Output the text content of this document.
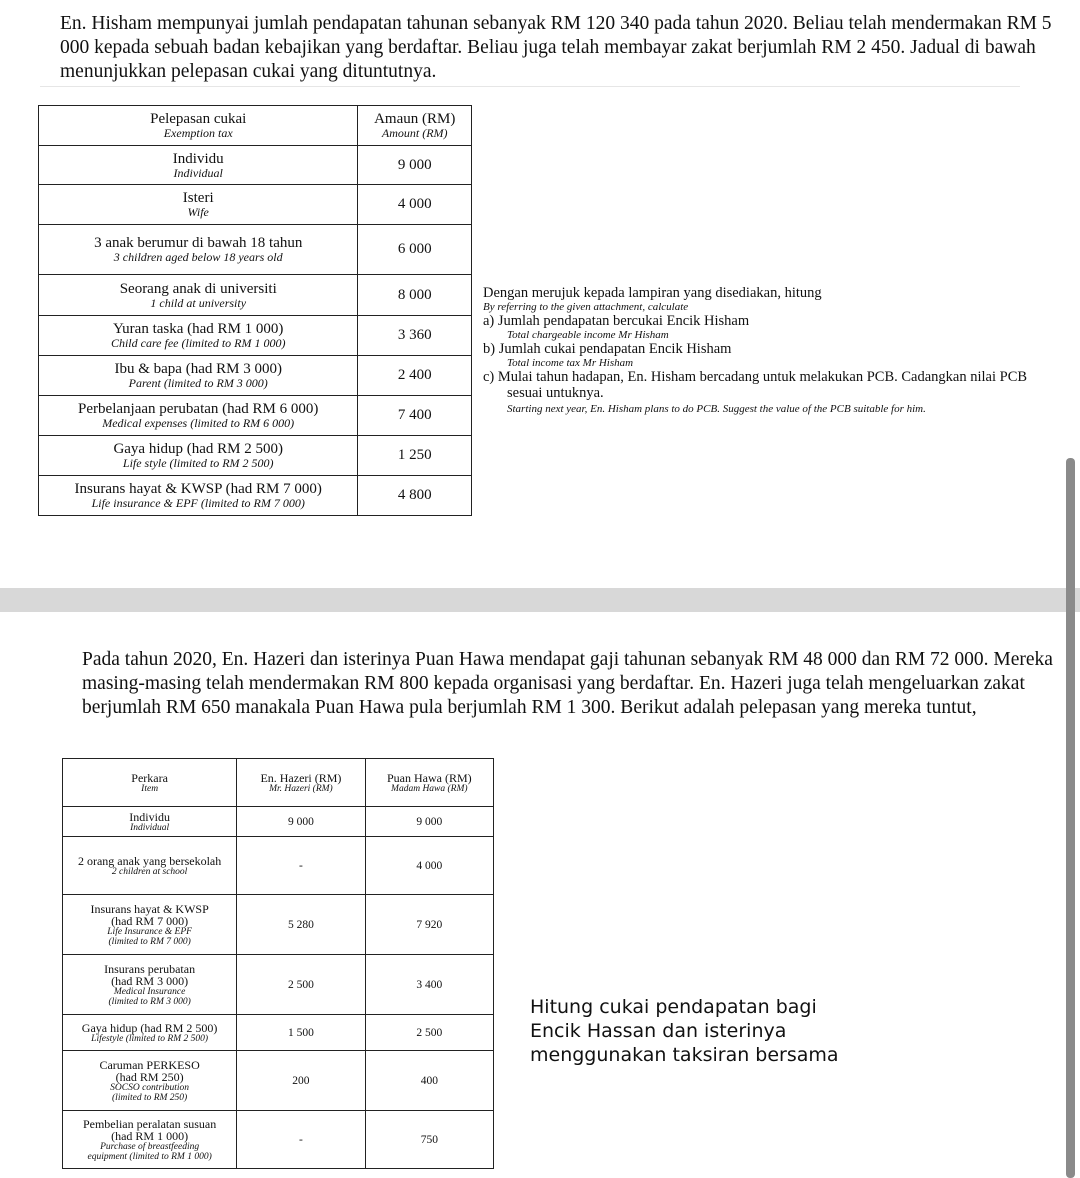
En. Hisham mempunyai jumlah pendapatan tahunan sebanyak RM 120 340 pada tahun 2020. Beliau telah mendermakan RM 5 000 kepada sebuah badan kebajikan yang berdaftar. Beliau juga telah membayar zakat berjumlah RM 2 450. Jadual di bawah menunjukkan pelepasan cukai yang dituntutnya.
Pelepasan cukai
Exemption tax	Amaun (RM)
Amount (RM)

Individu
Individual	9 000

Isteri
Wife	4 000

3 anak berumur di bawah 18 tahun
3 children aged below 18 years old	6 000

Seorang anak di universiti
1 child at university	8 000

Yuran taska (had RM 1 000)
Child care fee (limited to RM 1 000)	3 360

Ibu & bapa (had RM 3 000)
Parent (limited to RM 3 000)	2 400

Perbelanjaan perubatan (had RM 6 000)
Medical expenses (limited to RM 6 000)	7 400

Gaya hidup (had RM 2 500)
Life style (limited to RM 2 500)	1 250

Insurans hayat & KWSP (had RM 7 000)
Life insurance & EPF (limited to RM 7 000)	4 800
Dengan merujuk kepada lampiran yang disediakan, hitung
By referring to the given attachment, calculate
a) Jumlah pendapatan bercukai Encik Hisham
Total chargeable income Mr Hisham
b) Jumlah cukai pendapatan Encik Hisham
Total income tax Mr Hisham
c) Mulai tahun hadapan, En. Hisham bercadang untuk melakukan PCB. Cadangkan nilai PCB
sesuai untuknya.
Starting next year, En. Hisham plans to do PCB. Suggest the value of the PCB suitable for him.
Pada tahun 2020, En. Hazeri dan isterinya Puan Hawa mendapat gaji tahunan sebanyak RM 48 000 dan RM 72 000. Mereka masing-masing telah mendermakan RM 800 kepada organisasi yang berdaftar. En. Hazeri juga telah mengeluarkan zakat berjumlah RM 650 manakala Puan Hawa pula berjumlah RM 1 300. Berikut adalah pelepasan yang mereka tuntut,
Perkara
Item	En. Hazeri (RM)
Mr. Hazeri (RM)	Puan Hawa (RM)
Madam Hawa (RM)

Individu
Individual	9 000	9 000

2 orang anak yang bersekolah
2 children at school	-	4 000

Insurans hayat & KWSP
(had RM 7 000)
Life Insurance & EPF
(limited to RM 7 000)	5 280	7 920

Insurans perubatan
(had RM 3 000)
Medical Insurance
(limited to RM 3 000)	2 500	3 400

Gaya hidup (had RM 2 500)
Lifestyle (limited to RM 2 500)	1 500	2 500

Caruman PERKESO
(had RM 250)
SOCSO contribution
(limited to RM 250)	200	400

Pembelian peralatan susuan
(had RM 1 000)
Purchase of breastfeeding
equipment (limited to RM 1 000)	-	750
Hitung cukai pendapatan bagi
Encik Hassan dan isterinya
menggunakan taksiran bersama
